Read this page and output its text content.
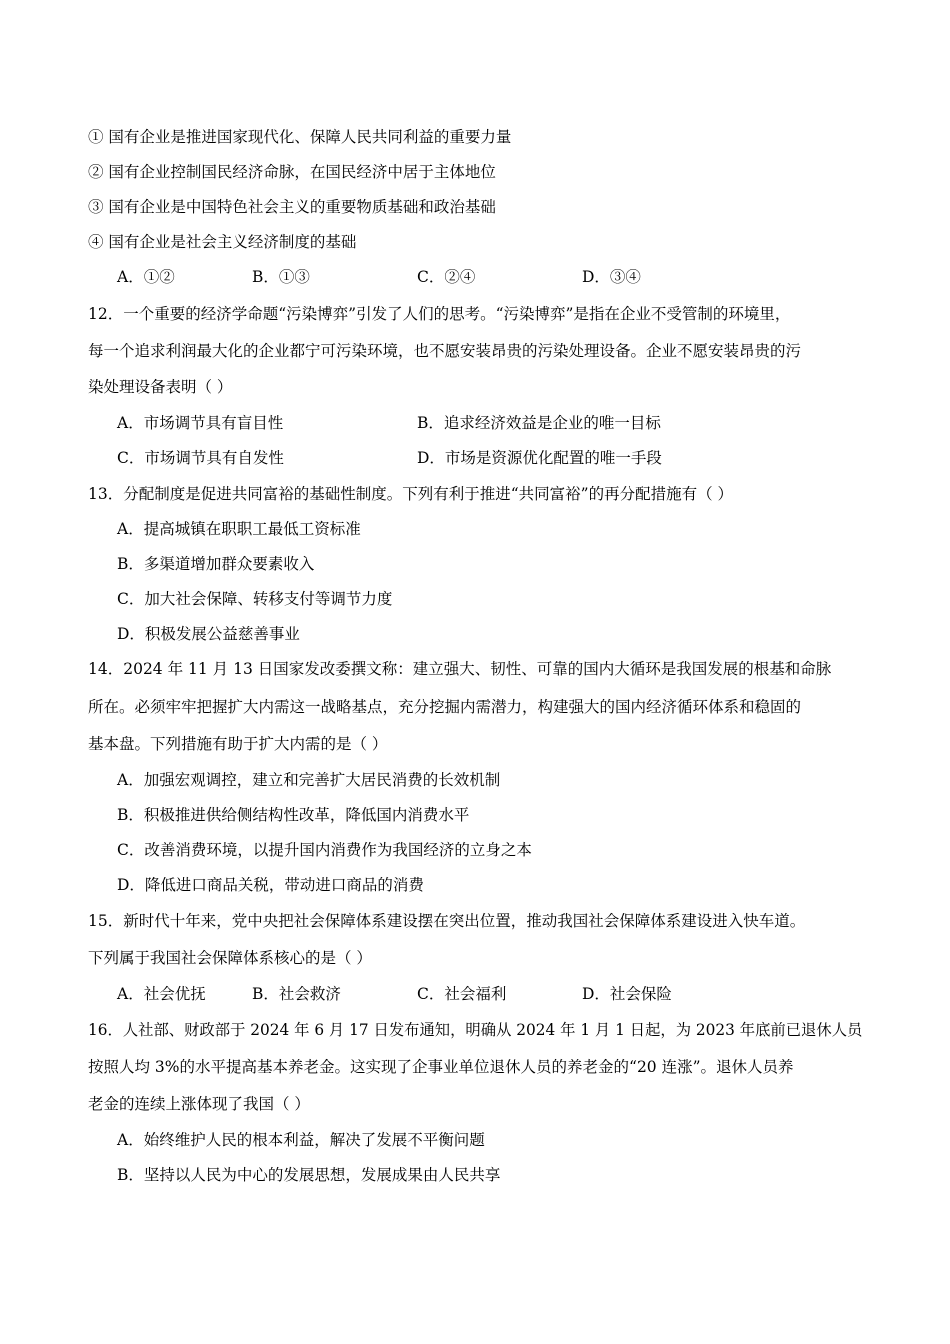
① 国有企业是推进国家现代化、保障人民共同利益的重要力量
② 国有企业控制国民经济命脉，在国民经济中居于主体地位
③ 国有企业是中国特色社会主义的重要物质基础和政治基础
④ 国有企业是社会主义经济制度的基础
A．①②	B．①③	C．②④	D．③④
12．一个重要的经济学命题“污染博弈”引发了人们的思考。“污染博弈”是指在企业不受管制的环境里，
每一个追求利润最大化的企业都宁可污染环境，也不愿安装昂贵的污染处理设备。企业不愿安装昂贵的污
染处理设备表明（ ）
A．市场调节具有盲目性	B．追求经济效益是企业的唯一目标
C．市场调节具有自发性	D．市场是资源优化配置的唯一手段
13．分配制度是促进共同富裕的基础性制度。下列有利于推进“共同富裕”的再分配措施有（ ）
A．提高城镇在职职工最低工资标准
B．多渠道增加群众要素收入
C．加大社会保障、转移支付等调节力度
D．积极发展公益慈善事业
14．2024 年 11 月 13 日国家发改委撰文称：建立强大、韧性、可靠的国内大循环是我国发展的根基和命脉
所在。必须牢牢把握扩大内需这一战略基点，充分挖掘内需潜力，构建强大的国内经济循环体系和稳固的
基本盘。下列措施有助于扩大内需的是（ ）
A．加强宏观调控，建立和完善扩大居民消费的长效机制
B．积极推进供给侧结构性改革，降低国内消费水平
C．改善消费环境，以提升国内消费作为我国经济的立身之本
D．降低进口商品关税，带动进口商品的消费
15．新时代十年来，党中央把社会保障体系建设摆在突出位置，推动我国社会保障体系建设进入快车道。
下列属于我国社会保障体系核心的是（ ）
A．社会优抚	B．社会救济	C．社会福利	D．社会保险
16．人社部、财政部于 2024 年 6 月 17 日发布通知，明确从 2024 年 1 月 1 日起，为 2023 年底前已退休人员
按照人均 3%的水平提高基本养老金。这实现了企事业单位退休人员的养老金的“20 连涨”。退休人员养
老金的连续上涨体现了我国（ ）
A．始终维护人民的根本利益，解决了发展不平衡问题
B．坚持以人民为中心的发展思想，发展成果由人民共享
